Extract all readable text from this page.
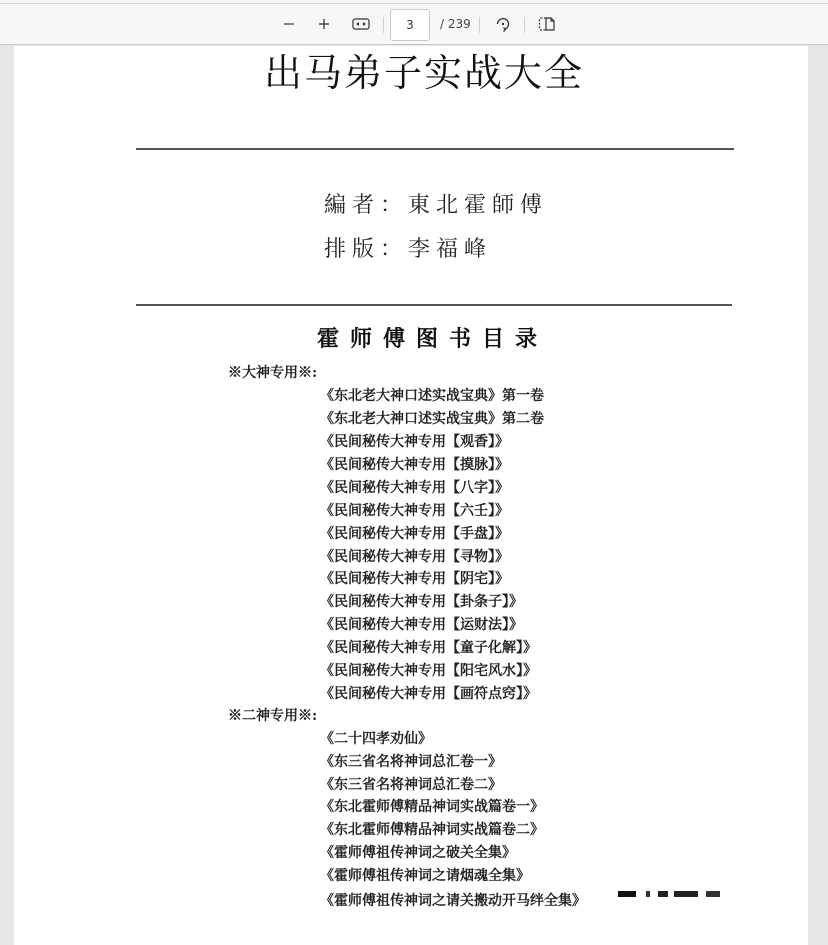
3
/ 239
出马弟子实战大全
編者：東北霍師傅
排版：李福峰
霍师傅图书目录
※大神专用※:
《东北老大神口述实战宝典》第一卷
《东北老大神口述实战宝典》第二卷
《民间秘传大神专用【观香】》
《民间秘传大神专用【摸脉】》
《民间秘传大神专用【八字】》
《民间秘传大神专用【六壬】》
《民间秘传大神专用【手盘】》
《民间秘传大神专用【寻物】》
《民间秘传大神专用【阴宅】》
《民间秘传大神专用【卦条子】》
《民间秘传大神专用【运财法】》
《民间秘传大神专用【童子化解】》
《民间秘传大神专用【阳宅风水】》
《民间秘传大神专用【画符点窍】》
※二神专用※:
《二十四孝劝仙》
《东三省名将神词总汇卷一》
《东三省名将神词总汇卷二》
《东北霍师傅精品神词实战篇卷一》
《东北霍师傅精品神词实战篇卷二》
《霍师傅祖传神词之破关全集》
《霍师傅祖传神词之请烟魂全集》
《霍师傅祖传神词之请关搬动开马绊全集》
